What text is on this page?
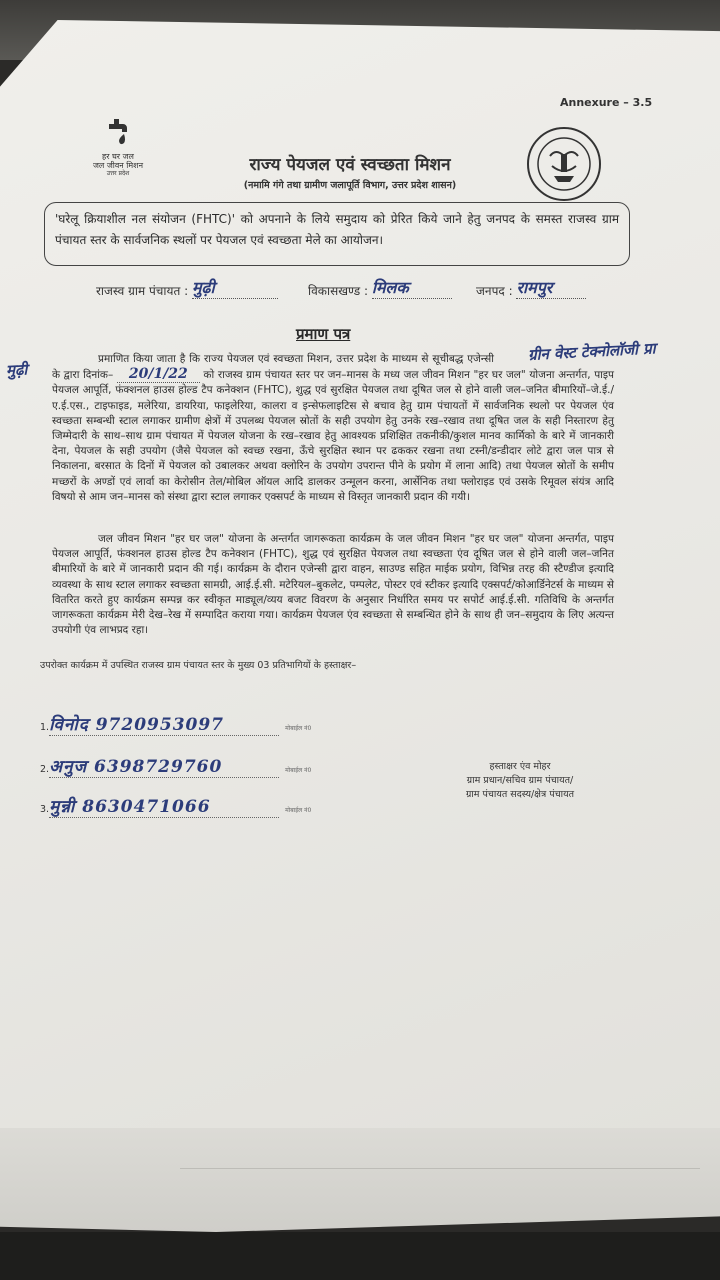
Annexure – 3.5
हर घर जल
जल जीवन मिशन
उत्तर प्रदेश	राज्य पेयजल एवं स्वच्छता मिशन
(नमामि गंगे तथा ग्रामीण जलापूर्ति विभाग, उत्तर प्रदेश शासन)
'घरेलू क्रियाशील नल संयोजन (FHTC)' को अपनाने के लिये समुदाय को प्रेरित किये जाने हेतु जनपद के समस्त राजस्व ग्राम पंचायत स्तर के सार्वजनिक स्थलों पर पेयजल एवं स्वच्छता मेले का आयोजन।
राजस्व ग्राम पंचायत : मुढ़ी	विकासखण्ड : मिलक	जनपद : रामपुर
प्रमाण पत्र
मुढ़ी
ग्रीन वेस्ट टेक्नोलॉजी प्रा
प्रमाणित किया जाता है कि राज्य पेयजल एवं स्वच्छता मिशन, उत्तर प्रदेश के माध्यम से सूचीबद्ध एजेन्सी के द्वारा दिनांक– 20/1/22 को राजस्व ग्राम पंचायत स्तर पर जन–मानस के मध्य जल जीवन मिशन "हर घर जल" योजना अन्तर्गत, पाइप पेयजल आपूर्ति, फंक्शनल हाउस होल्ड टैप कनेक्शन (FHTC), शुद्ध एवं सुरक्षित पेयजल तथा दूषित जल से होने वाली जल–जनित बीमारियों–जे.ई./ए.ई.एस., टाइफाइड, मलेरिया, डायरिया, फाइलेरिया, कालरा व इन्सेफलाइटिस से बचाव हेतु ग्राम पंचायतों में सार्वजनिक स्थलो पर पेयजल एंव स्वच्छता सम्बन्धी स्टाल लगाकर ग्रामीण क्षेत्रों में उपलब्ध पेयजल स्रोतों के सही उपयोग हेतु उनके रख–रखाव तथा दूषित जल के सही निस्तारण हेतु जिम्मेदारी के साथ–साथ ग्राम पंचायत में पेयजल योजना के रख–रखाव हेतु आवश्यक प्रशिक्षित तकनीकी/कुशल मानव कार्मिको के बारे में जानकारी देना, पेयजल के सही उपयोग (जैसे पेयजल को स्वच्छ रखना, ऊँचे सुरक्षित स्थान पर ढककर रखना तथा टस्नी/डन्डीदार लोटे द्वारा जल पात्र से निकालना, बरसात के दिनों में पेयजल को उबालकर अथवा क्लोरिन के उपयोग उपरान्त पीने के प्रयोग में लाना आदि) तथा पेयजल स्रोतों के समीप मच्छरों के अण्डों एवं लार्वा का केरोसीन तेल/मोबिल ऑयल आदि डालकर उन्मूलन करना, आर्सेनिक तथा फ्लोराइड एवं उसके रिमूवल संयंत्र आदि विषयो से आम जन–मानस को संस्था द्वारा स्टाल लगाकर एक्सपर्ट के माध्यम से विस्तृत जानकारी प्रदान की गयी।
जल जीवन मिशन "हर घर जल" योजना के अन्तर्गत जागरूकता कार्यक्रम के जल जीवन मिशन "हर घर जल" योजना अन्तर्गत, पाइप पेयजल आपूर्ति, फंक्शनल हाउस होल्ड टैप कनेक्शन (FHTC), शुद्ध एवं सुरक्षित पेयजल तथा स्वच्छता एंव दूषित जल से होने वाली जल–जनित बीमारियों के बारे में जानकारी प्रदान की गई। कार्यक्रम के दौरान एजेन्सी द्वारा वाहन, साउण्ड सहित माईक प्रयोग, विभिन्न तरह की स्टैण्डीज इत्यादि व्यवस्था के साथ स्टाल लगाकर स्वच्छता सामग्री, आई.ई.सी. मटेरियल–बुकलेट, पम्पलेट, पोस्टर एवं स्टीकर इत्यादि एक्सपर्ट/कोआर्डिनेटर्स के माध्यम से वितरित करते हुए कार्यक्रम सम्पन्न कर स्वीकृत माड्यूल/व्यय बजट विवरण के अनुसार निर्धारित समय पर सपोर्ट आई.ई.सी. गतिविधि के अन्तर्गत जागरूकता कार्यक्रम मेरी देख–रेख में सम्पादित कराया गया। कार्यक्रम पेयजल एंव स्वच्छता से सम्बन्धित होने के साथ ही जन–समुदाय के लिए अत्यन्त उपयोगी एंव लाभप्रद रहा।
उपरोक्त कार्यक्रम में उपस्थित राजस्व ग्राम पंचायत स्तर के मुख्य 03 प्रतिभागियों के हस्ताक्षर–
1.विनोद 9720953097	मोबाईल नं0
2.अनुज 6398729760	मोबाईल नं0
3.मुन्नी 8630471066	मोबाईल नं0
हस्ताक्षर एंव मोहर
ग्राम प्रधान/सचिव ग्राम पंचायत/
ग्राम पंचायत सदस्य/क्षेत्र पंचायत
